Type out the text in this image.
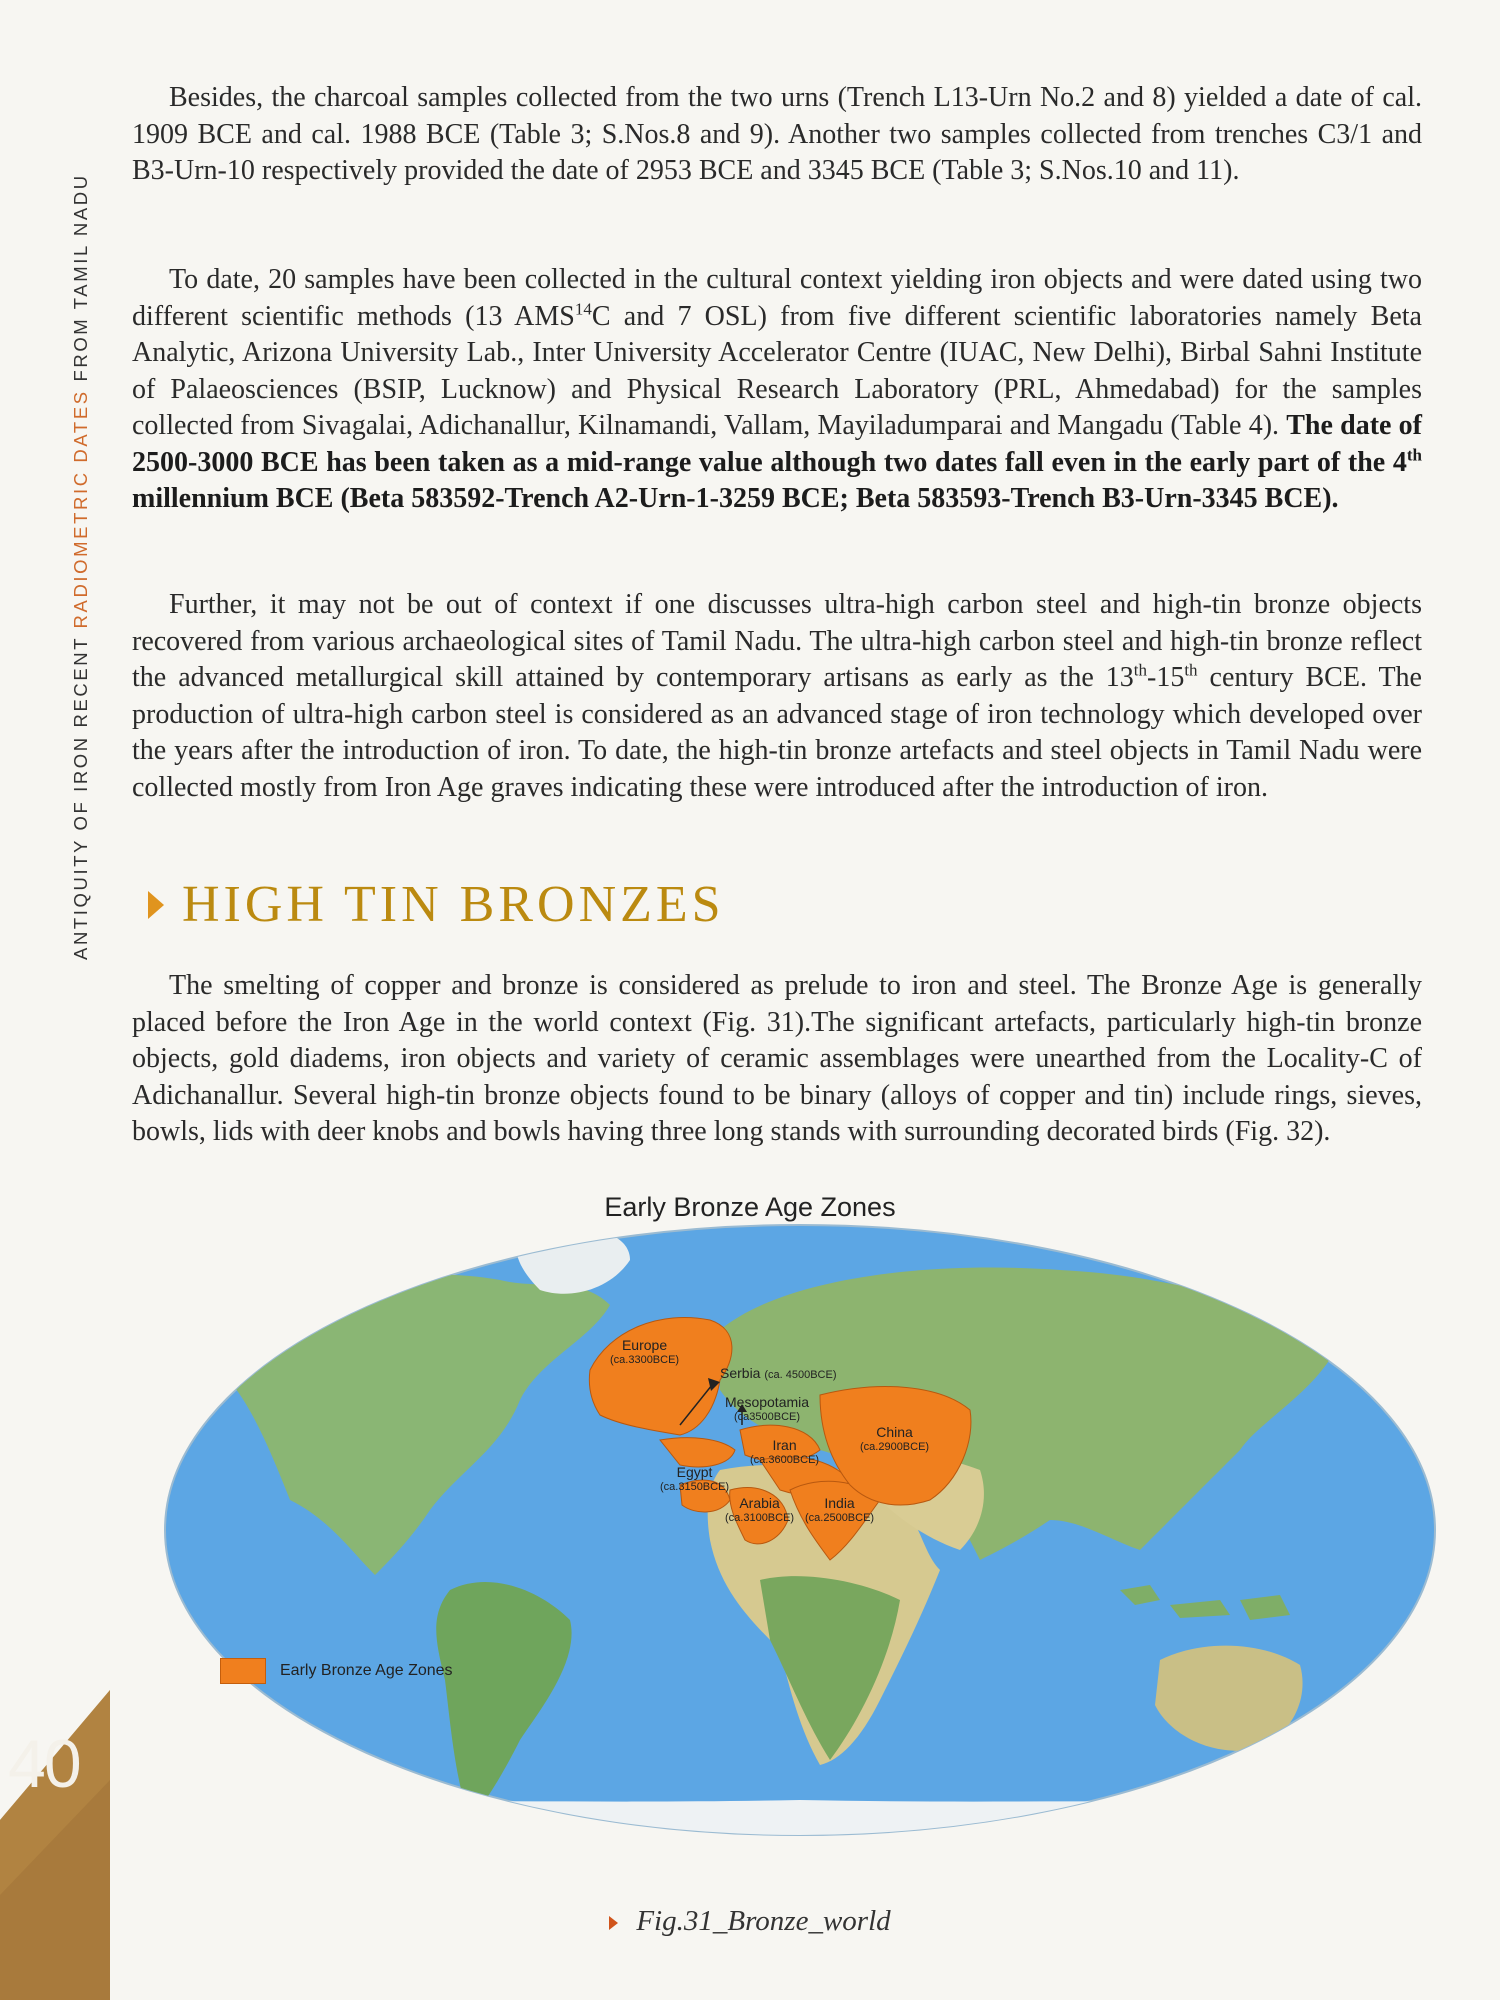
ANTIQUITY OF IRON RECENT RADIOMETRIC DATES FROM TAMIL NADU
40

Besides, the charcoal samples collected from the two urns (Trench L13-Urn No.2 and 8) yielded a date of cal. 1909 BCE and cal. 1988 BCE (Table 3; S.Nos.8 and 9). Another two samples collected from trenches C3/1 and B3-Urn-10 respectively provided the date of 2953 BCE and 3345 BCE (Table 3; S.Nos.10 and 11).

To date, 20 samples have been collected in the cultural context yielding iron objects and were dated using two different scientific methods (13 AMS$^{14}$C and 7 OSL) from five different scientific laboratories namely Beta Analytic, Arizona University Lab., Inter University Accelerator Centre (IUAC, New Delhi), Birbal Sahni Institute of Palaeosciences (BSIP, Lucknow) and Physical Research Laboratory (PRL, Ahmedabad) for the samples collected from Sivagalai, Adichanallur, Kilnamandi, Vallam, Mayiladumparai and Mangadu (Table 4). The date of 2500-3000 BCE has been taken as a mid-range value although two dates fall even in the early part of the 4th millennium BCE (Beta 583592-Trench A2-Urn-1-3259 BCE; Beta 583593-Trench B3-Urn-3345 BCE).

Further, it may not be out of context if one discusses ultra-high carbon steel and high-tin bronze objects recovered from various archaeological sites of Tamil Nadu. The ultra-high carbon steel and high-tin bronze reflect the advanced metallurgical skill attained by contemporary artisans as early as the 13th-15th century BCE. The production of ultra-high carbon steel is considered as an advanced stage of iron technology which developed over the years after the introduction of iron. To date, the high-tin bronze artefacts and steel objects in Tamil Nadu were collected mostly from Iron Age graves indicating these were introduced after the introduction of iron.

HIGH TIN BRONZES

The smelting of copper and bronze is considered as prelude to iron and steel. The Bronze Age is generally placed before the Iron Age in the world context (Fig. 31).The significant artefacts, particularly high-tin bronze objects, gold diadems, iron objects and variety of ceramic assemblages were unearthed from the Locality-C of Adichanallur. Several high-tin bronze objects found to be binary (alloys of copper and tin) include rings, sieves, bowls, lids with deer knobs and bowls having three long stands with surrounding decorated birds (Fig. 32).

Early Bronze Age Zones
Europe
(ca.3300BCE)
Serbia (ca. 4500BCE)
Mesopotamia
(ca3500BCE)
Iran
(ca.3600BCE)
Egypt
(ca.3150BCE)
Arabia
(ca.3100BCE)
India
(ca.2500BCE)
China
(ca.2900BCE)
Early Bronze Age Zones
Fig.31_Bronze_world
